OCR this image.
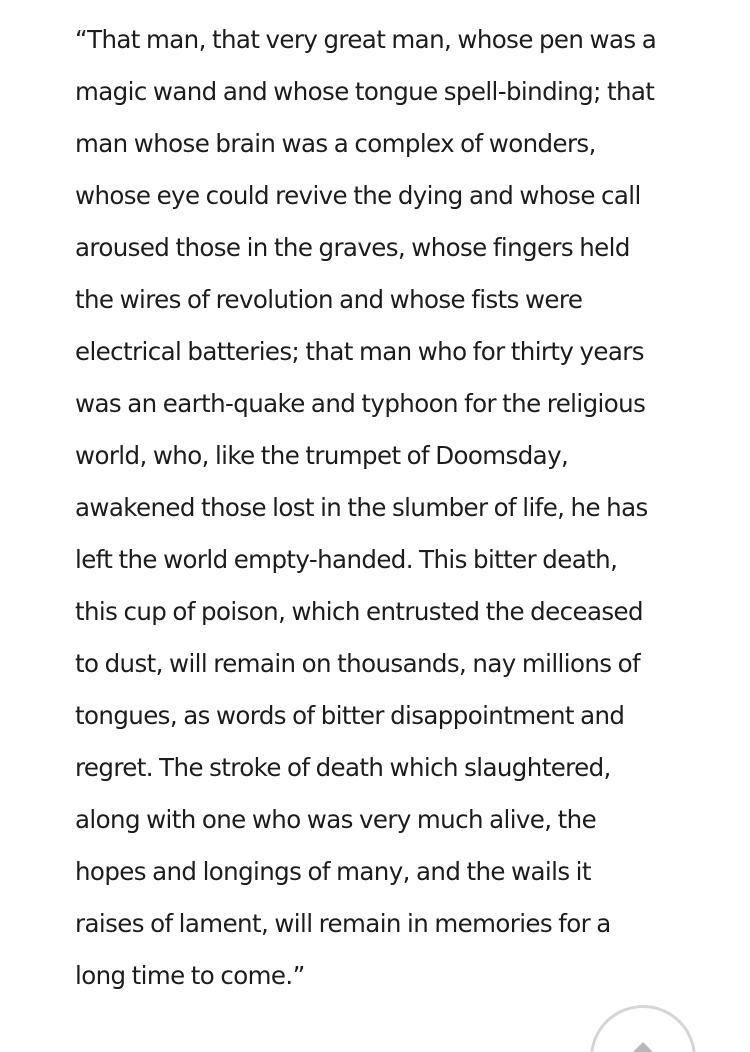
“That man, that very great man, whose pen was a
magic wand and whose tongue spell-binding; that
man whose brain was a complex of wonders,
whose eye could revive the dying and whose call
aroused those in the graves, whose fingers held
the wires of revolution and whose fists were
electrical batteries; that man who for thirty years
was an earth-quake and typhoon for the religious
world, who, like the trumpet of Doomsday,
awakened those lost in the slumber of life, he has
left the world empty-handed. This bitter death,
this cup of poison, which entrusted the deceased
to dust, will remain on thousands, nay millions of
tongues, as words of bitter disappointment and
regret. The stroke of death which slaughtered,
along with one who was very much alive, the
hopes and longings of many, and the wails it
raises of lament, will remain in memories for a
long time to come.”
